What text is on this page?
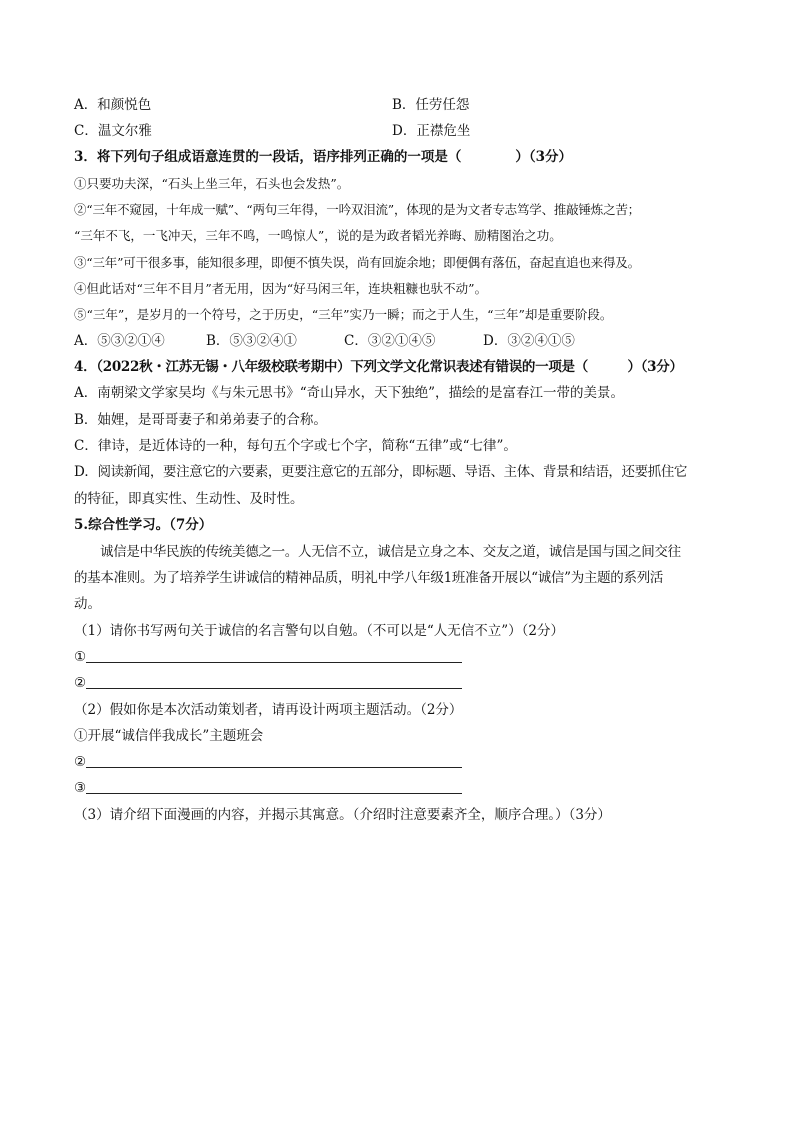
A．和颜悦色	B．任劳任怨
C．温文尔雅	D．正襟危坐
3．将下列句子组成语意连贯的一段话，语序排列正确的一项是（　　　　）（3分）
①只要功夫深，“石头上坐三年，石头也会发热”。
②“三年不窥园，十年成一赋”、“两句三年得，一吟双泪流”，体现的是为文者专志笃学、推敲锤炼之苦；
“三年不飞，一飞冲天，三年不鸣，一鸣惊人”，说的是为政者韬光养晦、励精图治之功。
③“三年”可干很多事，能知很多理，即便不慎失误，尚有回旋余地；即便偶有落伍，奋起直追也来得及。
④但此话对“三年不目月”者无用，因为“好马闲三年，连块粗糠也驮不动”。
⑤“三年”，是岁月的一个符号，之于历史，“三年”实乃一瞬；而之于人生，“三年”却是重要阶段。
A．⑤③②①④	B．⑤③②④①	C．③②①④⑤	D．③②④①⑤
4．（2022秋・江苏无锡・八年级校联考期中）下列文学文化常识表述有错误的一项是（　　　）（3分）
A．南朝梁文学家吴均《与朱元思书》“奇山异水，天下独绝”，描绘的是富春江一带的美景。
B．妯娌，是哥哥妻子和弟弟妻子的合称。
C．律诗，是近体诗的一种，每句五个字或七个字，简称“五律”或“七律”。
D．阅读新闻，要注意它的六要素，更要注意它的五部分，即标题、导语、主体、背景和结语，还要抓住它
的特征，即真实性、生动性、及时性。
5.综合性学习。（7分）
诚信是中华民族的传统美德之一。人无信不立，诚信是立身之本、交友之道，诚信是国与国之间交往
的基本准则。为了培养学生讲诚信的精神品质，明礼中学八年级1班准备开展以“诚信”为主题的系列活
动。
（1）请你书写两句关于诚信的名言警句以自勉。（不可以是“人无信不立”）（2分）
①
②
（2）假如你是本次活动策划者，请再设计两项主题活动。（2分）
①开展“诚信伴我成长”主题班会
②
③
（3）请介绍下面漫画的内容，并揭示其寓意。（介绍时注意要素齐全，顺序合理。）（3分）
